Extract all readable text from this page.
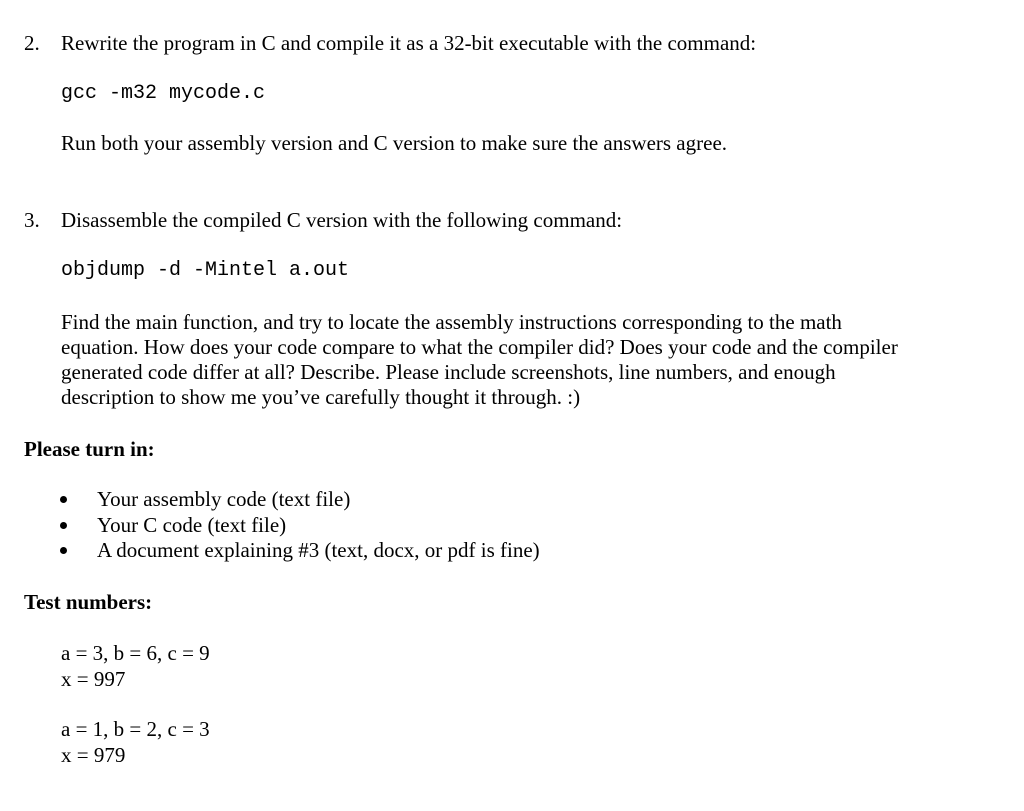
2. Rewrite the program in C and compile it as a 32-bit executable with the command:
gcc -m32 mycode.c
Run both your assembly version and C version to make sure the answers agree.
3. Disassemble the compiled C version with the following command:
objdump -d -Mintel a.out
Find the main function, and try to locate the assembly instructions corresponding to the math
equation. How does your code compare to what the compiler did? Does your code and the compiler
generated code differ at all? Describe. Please include screenshots, line numbers, and enough
description to show me you’ve carefully thought it through. :)
Please turn in:
Your assembly code (text file)
Your C code (text file)
A document explaining #3 (text, docx, or pdf is fine)
Test numbers:
a = 3, b = 6, c = 9
x = 997
a = 1, b = 2, c = 3
x = 979
